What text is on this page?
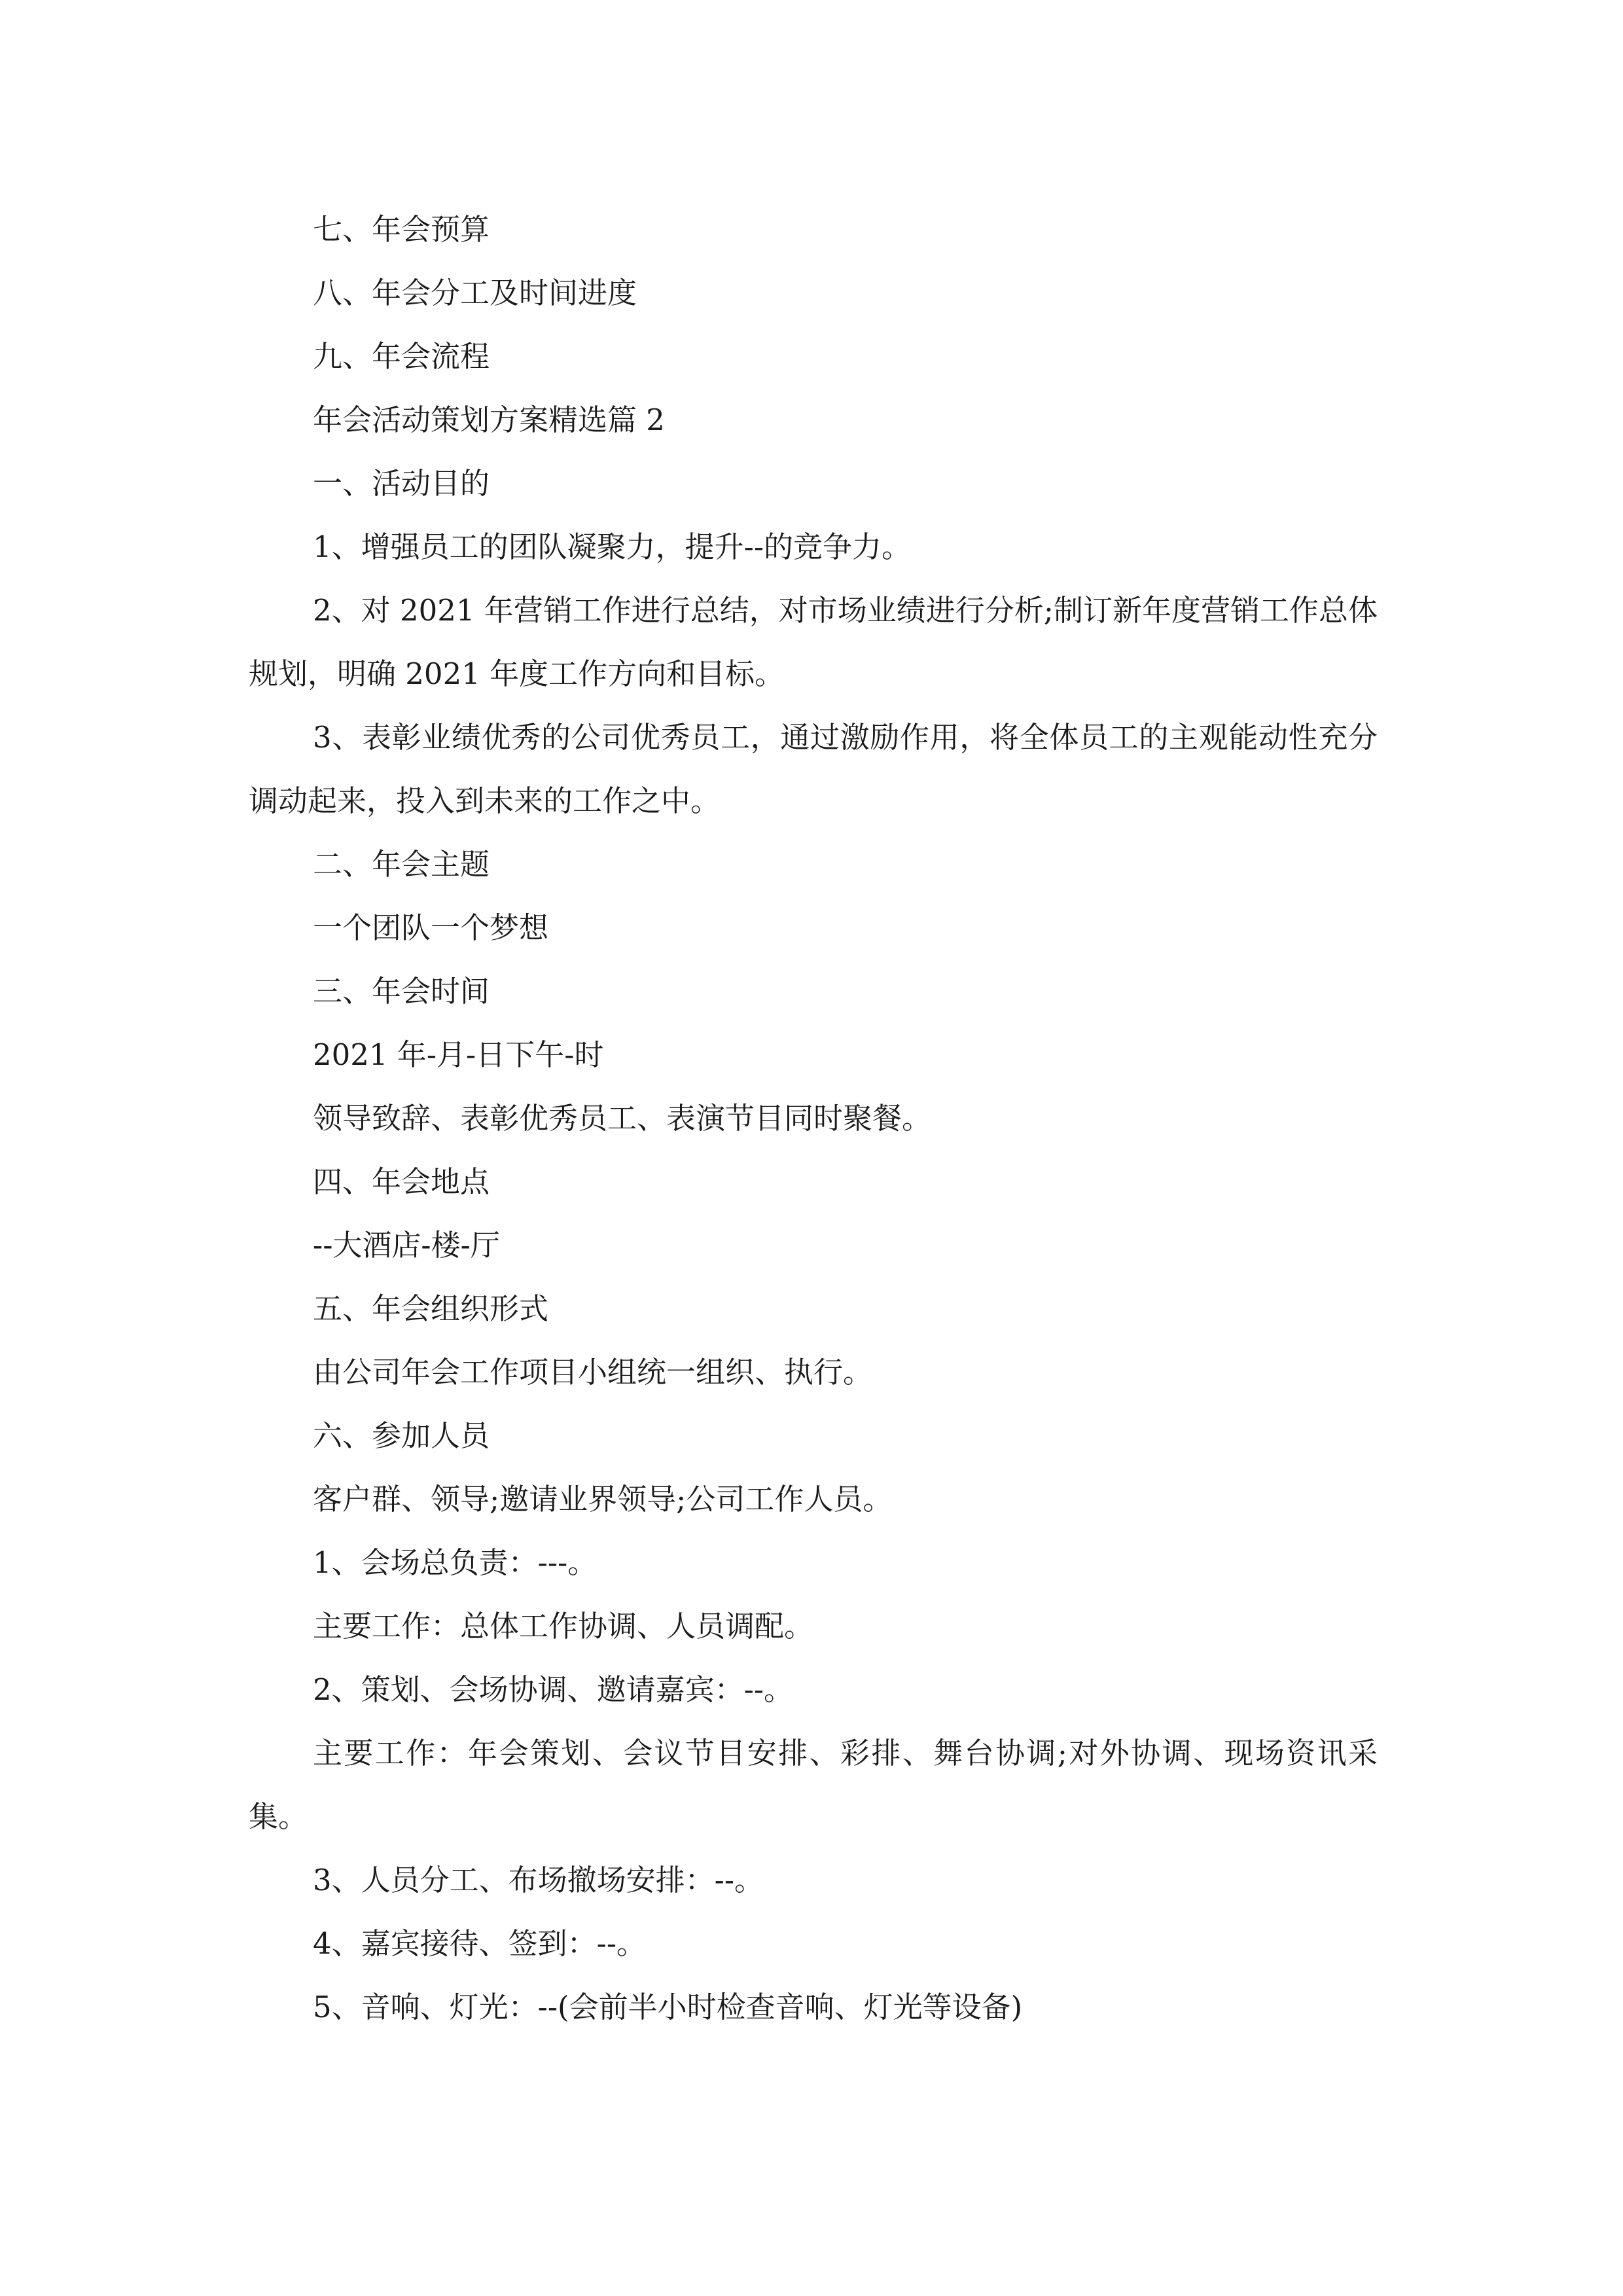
七、年会预算

八、年会分工及时间进度

九、年会流程

年会活动策划方案精选篇 2

一、活动目的

1、增强员工的团队凝聚力，提升--的竞争力。

2、对 2021 年营销工作进行总结，对市场业绩进行分析;制订新年度营销工作总体规划，明确 2021 年度工作方向和目标。

3、表彰业绩优秀的公司优秀员工，通过激励作用，将全体员工的主观能动性充分调动起来，投入到未来的工作之中。

二、年会主题

一个团队一个梦想

三、年会时间

2021 年-月-日下午-时

领导致辞、表彰优秀员工、表演节目同时聚餐。

四、年会地点

--大酒店-楼-厅

五、年会组织形式

由公司年会工作项目小组统一组织、执行。

六、参加人员

客户群、领导;邀请业界领导;公司工作人员。

1、会场总负责：---。

主要工作：总体工作协调、人员调配。

2、策划、会场协调、邀请嘉宾：--。

主要工作：年会策划、会议节目安排、彩排、舞台协调;对外协调、现场资讯采集。

3、人员分工、布场撤场安排：--。

4、嘉宾接待、签到：--。

5、音响、灯光：--(会前半小时检查音响、灯光等设备)
